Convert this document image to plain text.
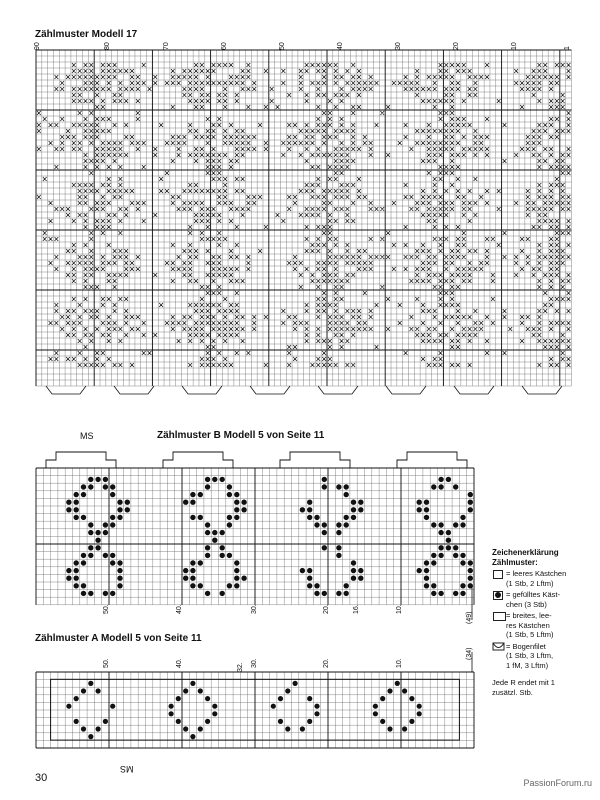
Zählmuster Modell 17
Zählmuster B Modell 5 von Seite 11
Zählmuster A Modell 5 von Seite 11
90	80	70	60	50	40	30	20	10	1
MS
MS
50.	40.	30.	20.	16.	10.
(49)
50.	40.	32. 30.	20.	10.
(34)
Zeichenerklärung
Zählmuster:
= leeres Kästchen
(1 Stb, 2 Lftm)
= gefülltes Käst-
chen (3 Stb)
= breites, lee-
res Kästchen
(1 Stb, 5 Lftm)
= Bogenfilet
(1 Stb, 3 Lftm,
1 fM, 3 Lftm)
Jede R endet mit 1
zusätzl. Stb.
30	PassionForum.ru
